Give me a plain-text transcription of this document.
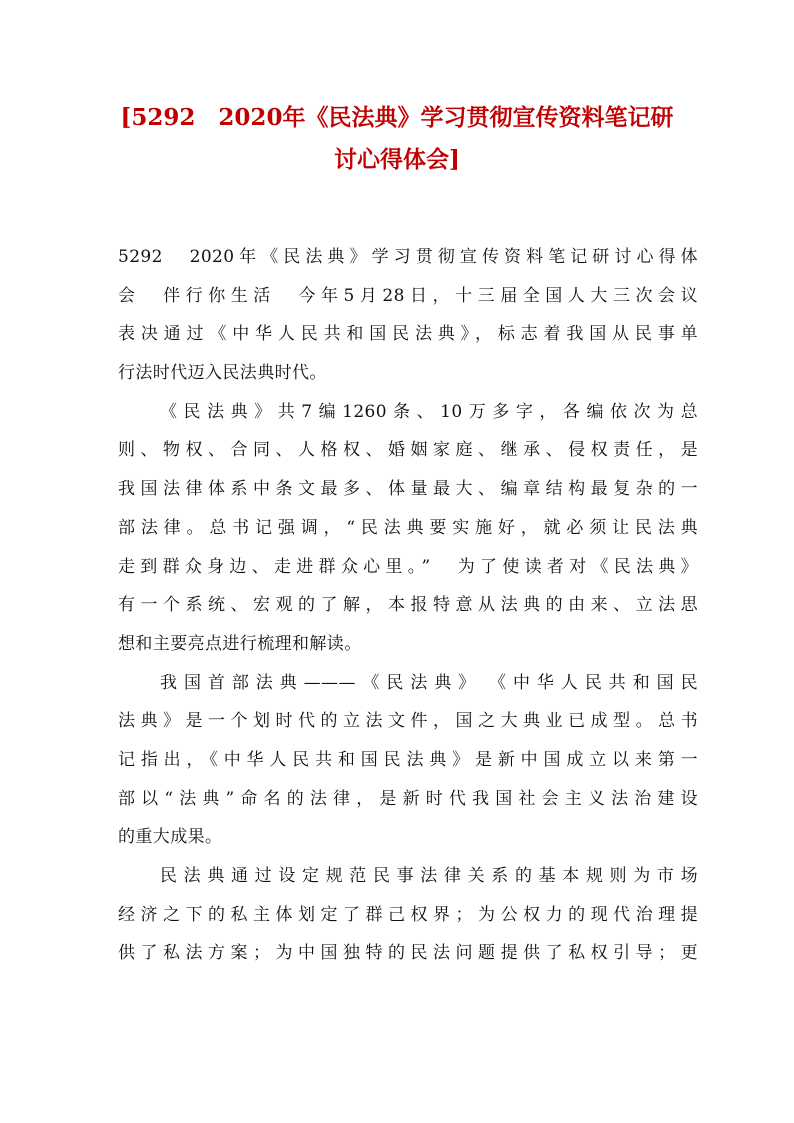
[5292　2020年《民法典》学习贯彻宣传资料笔记研
讨心得体会]
5292　2020年《民法典》学习贯彻宣传资料笔记研讨心得体
会　伴行你生活　今年5月28日，十三届全国人大三次会议
表决通过《中华人民共和国民法典》，标志着我国从民事单
行法时代迈入民法典时代。
《民法典》共7编1260条、10万多字，各编依次为总
则、物权、合同、人格权、婚姻家庭、继承、侵权责任，是
我国法律体系中条文最多、体量最大、编章结构最复杂的一
部法律。总书记强调，“民法典要实施好，就必须让民法典
走到群众身边、走进群众心里。”　为了使读者对《民法典》
有一个系统、宏观的了解，本报特意从法典的由来、立法思
想和主要亮点进行梳理和解读。
我国首部法典———《民法典》　《中华人民共和国民
法典》是一个划时代的立法文件，国之大典业已成型。总书
记指出，《中华人民共和国民法典》是新中国成立以来第一
部以“法典”命名的法律，是新时代我国社会主义法治建设
的重大成果。
民法典通过设定规范民事法律关系的基本规则为市场
经济之下的私主体划定了群己权界；为公权力的现代治理提
供了私法方案；为中国独特的民法问题提供了私权引导；更
